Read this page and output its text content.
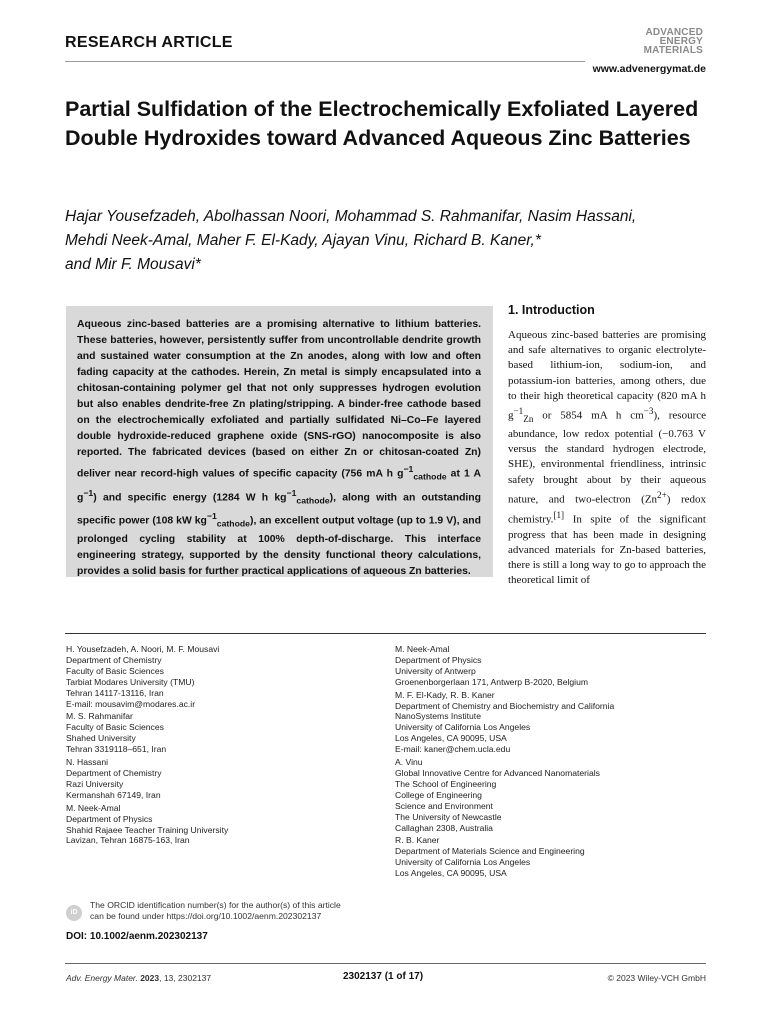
RESEARCH ARTICLE
ADVANCED
ENERGY
MATERIALS
www.advenergymat.de
Partial Sulfidation of the Electrochemically Exfoliated Layered Double Hydroxides toward Advanced Aqueous Zinc Batteries
Hajar Yousefzadeh, Abolhassan Noori, Mohammad S. Rahmanifar, Nasim Hassani,
Mehdi Neek-Amal, Maher F. El-Kady, Ajayan Vinu, Richard B. Kaner,*
and Mir F. Mousavi*

Aqueous zinc-based batteries are a promising alternative to lithium batteries. These batteries, however, persistently suffer from uncontrollable dendrite growth and sustained water consumption at the Zn anodes, along with low and often fading capacity at the cathodes. Herein, Zn metal is simply encapsulated into a chitosan-containing polymer gel that not only suppresses hydrogen evolution but also enables dendrite-free Zn plating/stripping. A binder-free cathode based on the electrochemically exfoliated and partially sulfidated Ni–Co–Fe layered double hydroxide-reduced graphene oxide (SNS-rGO) nanocomposite is also reported. The fabricated devices (based on either Zn or chitosan-coated Zn) deliver near record-high values of specific capacity (756 mA h $g^{-1}_{cathode}$ at 1 A $g^{-1}$) and specific energy (1284 W h $kg^{-1}_{cathode}$), along with an outstanding specific power (108 kW $kg^{-1}_{cathode}$), an excellent output voltage (up to 1.9 V), and prolonged cycling stability at 100% depth-of-discharge. This interface engineering strategy, supported by the density functional theory calculations, provides a solid basis for further practical applications of aqueous Zn batteries.

1. Introduction
Aqueous zinc-based batteries are promising and safe alternatives to organic electrolyte-based lithium-ion, sodium-ion, and potassium-ion batteries, among others, due to their high theoretical capacity (820 mA h $g^{-1}_{Zn}$ or 5854 mA h $cm^{-3}$), resource abundance, low redox potential (−0.763 V versus the standard hydrogen electrode, SHE), environmental friendliness, intrinsic safety brought about by their aqueous nature, and two-electron $(Zn^{2+})$ redox chemistry.[1] In spite of the significant progress that has been made in designing advanced materials for Zn-based batteries, there is still a long way to go to approach the theoretical limit of
H. Yousefzadeh, A. Noori, M. F. Mousavi
Department of Chemistry
Faculty of Basic Sciences
Tarbiat Modares University (TMU)
Tehran 14117-13116, Iran
E-mail: mousavim@modares.ac.ir
M. S. Rahmanifar
Faculty of Basic Sciences
Shahed University
Tehran 3319118–651, Iran
N. Hassani
Department of Chemistry
Razi University
Kermanshah 67149, Iran
M. Neek-Amal
Department of Physics
Shahid Rajaee Teacher Training University
Lavizan, Tehran 16875-163, Iran
M. Neek-Amal
Department of Physics
University of Antwerp
Groenenborgerlaan 171, Antwerp B-2020, Belgium
M. F. El-Kady, R. B. Kaner
Department of Chemistry and Biochemistry and California
NanoSystems Institute
University of California Los Angeles
Los Angeles, CA 90095, USA
E-mail: kaner@chem.ucla.edu
A. Vinu
Global Innovative Centre for Advanced Nanomaterials
The School of Engineering
College of Engineering
Science and Environment
The University of Newcastle
Callaghan 2308, Australia
R. B. Kaner
Department of Materials Science and Engineering
University of California Los Angeles
Los Angeles, CA 90095, USA
iD
The ORCID identification number(s) for the author(s) of this article
can be found under https://doi.org/10.1002/aenm.202302137
DOI: 10.1002/aenm.202302137
Adv. Energy Mater. 2023, 13, 2302137	2302137 (1 of 17)	© 2023 Wiley-VCH GmbH
